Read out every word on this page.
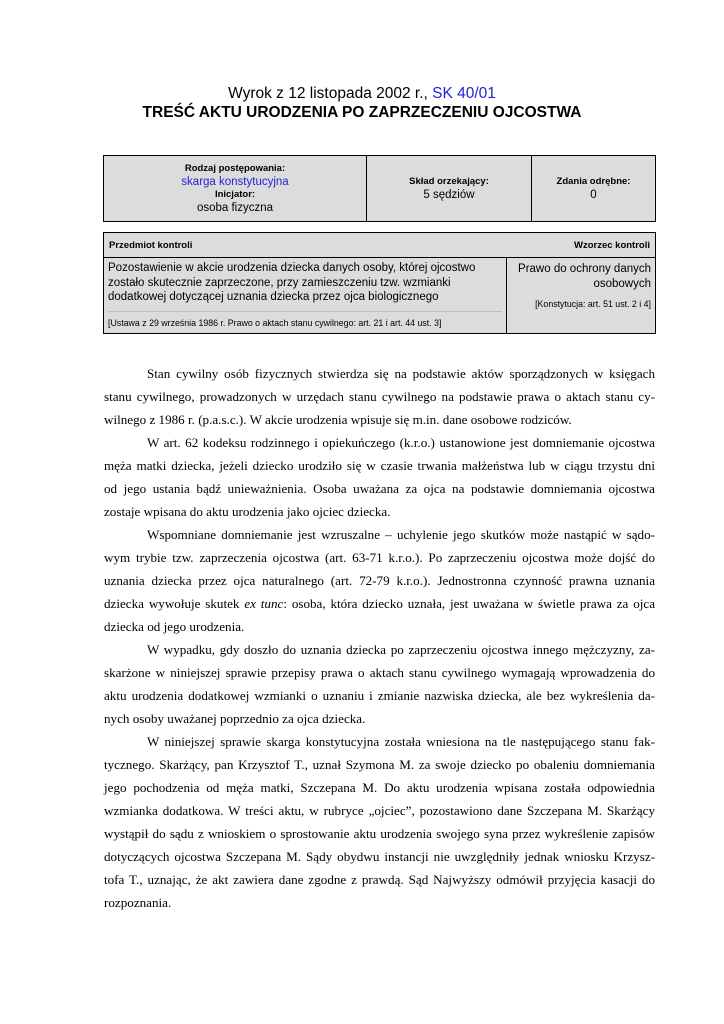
Wyrok z 12 listopada 2002 r., SK 40/01
TREŚĆ AKTU URODZENIA PO ZAPRZECZENIU OJCOSTWA
Rodzaj postępowania:
skarga konstytucyjna
Inicjator:
osoba fizyczna
Skład orzekający:
5 sędziów
Zdania odrębne:
0
Przedmiot kontroli	Wzorzec kontroli
Pozostawienie w akcie urodzenia dziecka danych osoby, której ojcostwo
zostało skutecznie zaprzeczone, przy zamieszczeniu tzw. wzmianki
dodatkowej dotyczącej uznania dziecka przez ojca biologicznego
[Ustawa z 29 września 1986 r. Prawo o aktach stanu cywilnego: art. 21 i art. 44 ust. 3]
Prawo do ochrony danych
osobowych
[Konstytucja: art. 51 ust. 2 i 4]
Stan cywilny osób fizycznych stwierdza się na podstawie aktów sporządzonych w księgach
stanu cywilnego, prowadzonych w urzędach stanu cywilnego na podstawie prawa o aktach stanu cy-
wilnego z 1986 r. (p.a.s.c.). W akcie urodzenia wpisuje się m.in. dane osobowe rodziców.
W art. 62 kodeksu rodzinnego i opiekuńczego (k.r.o.) ustanowione jest domniemanie ojcostwa
męża matki dziecka, jeżeli dziecko urodziło się w czasie trwania małżeństwa lub w ciągu trzystu dni
od jego ustania bądź unieważnienia. Osoba uważana za ojca na podstawie domniemania ojcostwa
zostaje wpisana do aktu urodzenia jako ojciec dziecka.
Wspomniane domniemanie jest wzruszalne – uchylenie jego skutków może nastąpić w sądo-
wym trybie tzw. zaprzeczenia ojcostwa (art. 63-71 k.r.o.). Po zaprzeczeniu ojcostwa może dojść do
uznania dziecka przez ojca naturalnego (art. 72-79 k.r.o.). Jednostronna czynność prawna uznania
dziecka wywołuje skutek ex tunc: osoba, która dziecko uznała, jest uważana w świetle prawa za ojca
dziecka od jego urodzenia.
W wypadku, gdy doszło do uznania dziecka po zaprzeczeniu ojcostwa innego mężczyzny, za-
skarżone w niniejszej sprawie przepisy prawa o aktach stanu cywilnego wymagają wprowadzenia do
aktu urodzenia dodatkowej wzmianki o uznaniu i zmianie nazwiska dziecka, ale bez wykreślenia da-
nych osoby uważanej poprzednio za ojca dziecka.
W niniejszej sprawie skarga konstytucyjna została wniesiona na tle następującego stanu fak-
tycznego. Skarżący, pan Krzysztof T., uznał Szymona M. za swoje dziecko po obaleniu domniemania
jego pochodzenia od męża matki, Szczepana M. Do aktu urodzenia wpisana została odpowiednia
wzmianka dodatkowa. W treści aktu, w rubryce „ojciec”, pozostawiono dane Szczepana M. Skarżący
wystąpił do sądu z wnioskiem o sprostowanie aktu urodzenia swojego syna przez wykreślenie zapisów
dotyczących ojcostwa Szczepana M. Sądy obydwu instancji nie uwzględniły jednak wniosku Krzysz-
tofa T., uznając, że akt zawiera dane zgodne z prawdą. Sąd Najwyższy odmówił przyjęcia kasacji do
rozpoznania.
